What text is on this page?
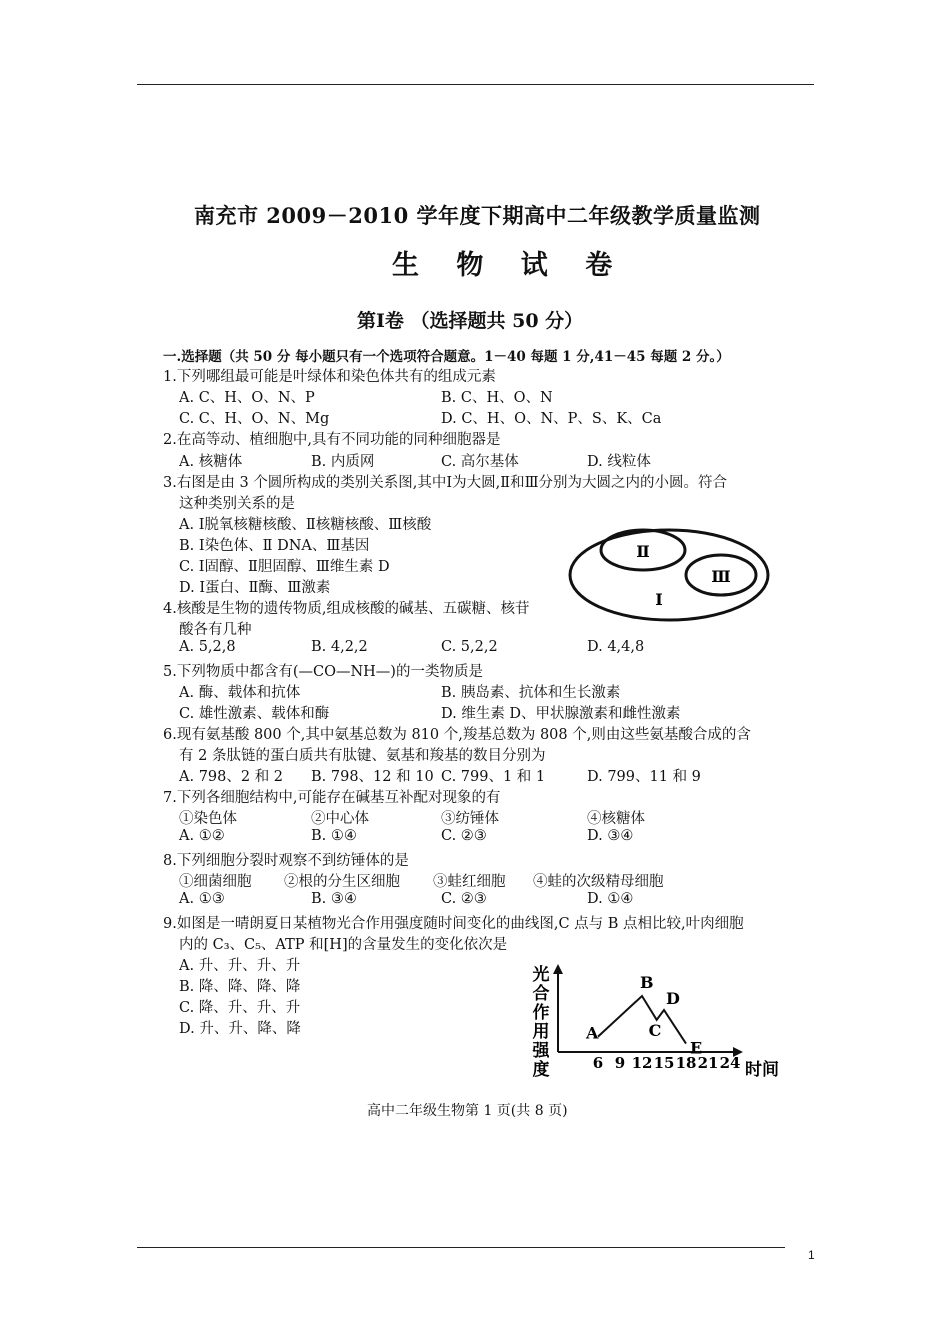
南充市 2009－2010 学年度下期高中二年级教学质量监测
生 物 试 卷
第Ⅰ卷 （选择题共 50 分）
一.选择题（共 50 分 每小题只有一个选项符合题意。1－40 每题 1 分,41－45 每题 2 分。）
1.下列哪组最可能是叶绿体和染色体共有的组成元素
A. C、H、O、N、P	B. C、H、O、N
C. C、H、O、N、Mg	D. C、H、O、N、P、S、K、Ca
2.在高等动、植细胞中,具有不同功能的同种细胞器是
A. 核糖体	B. 内质网	C. 高尔基体	D. 线粒体
3.右图是由 3 个圆所构成的类别关系图,其中Ⅰ为大圆,Ⅱ和Ⅲ分别为大圆之内的小圆。符合
这种类别关系的是
A. Ⅰ脱氧核糖核酸、Ⅱ核糖核酸、Ⅲ核酸
B. Ⅰ染色体、Ⅱ DNA、Ⅲ基因
C. Ⅰ固醇、Ⅱ胆固醇、Ⅲ维生素 D
D. Ⅰ蛋白、Ⅱ酶、Ⅲ激素
Ⅱ
Ⅲ
Ⅰ
4.核酸是生物的遗传物质,组成核酸的碱基、五碳糖、核苷
酸各有几种
A. 5,2,8	B. 4,2,2	C. 5,2,2	D. 4,4,8
5.下列物质中都含有(—CO—NH—)的一类物质是
A. 酶、载体和抗体	B. 胰岛素、抗体和生长激素
C. 雄性激素、载体和酶	D. 维生素 D、甲状腺激素和雌性激素
6.现有氨基酸 800 个,其中氨基总数为 810 个,羧基总数为 808 个,则由这些氨基酸合成的含
有 2 条肽链的蛋白质共有肽键、氨基和羧基的数目分别为
A. 798、2 和 2 B. 798、12 和 10 C. 799、1 和 1	D. 799、11 和 9
7.下列各细胞结构中,可能存在碱基互补配对现象的有
①染色体	②中心体	③纺锤体	④核糖体
A. ①②	B. ①④	C. ②③	D. ③④
8.下列细胞分裂时观察不到纺锤体的是
①细菌细胞 ②根的分生区细胞 ③蛙红细胞 ④蛙的次级精母细胞
A. ①③	B. ③④	C. ②③	D. ①④
9.如图是一晴朗夏日某植物光合作用强度随时间变化的曲线图,C 点与 B 点相比较,叶肉细胞
内的 C₃、C₅、ATP 和[H]的含量发生的变化依次是
A. 升、升、升、升
B. 降、降、降、降
C. 降、升、升、升
D. 升、升、降、降
光
合
作
用
强
度
A
B
C
D
E
6 9 12 15 18 21 24 时间
高中二年级生物第 1 页(共 8 页)
1
